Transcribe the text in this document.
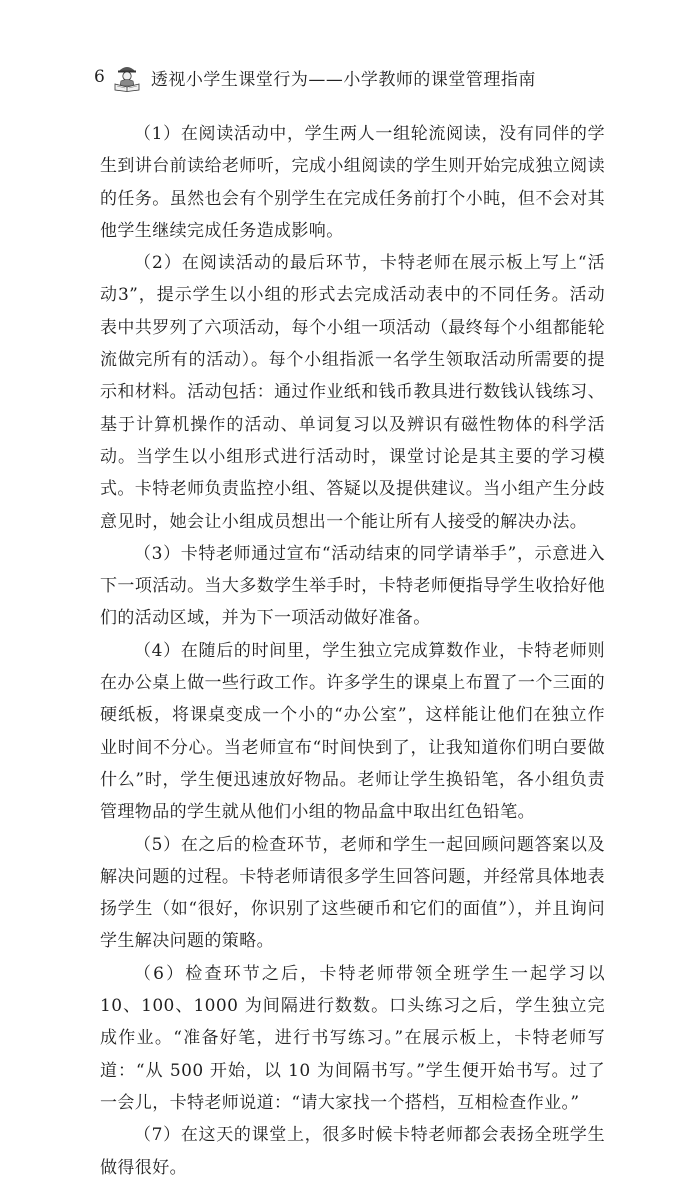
6	透视小学生课堂行为——小学教师的课堂管理指南

（1）在阅读活动中，学生两人一组轮流阅读，没有同伴的学生到讲台前读给老师听，完成小组阅读的学生则开始完成独立阅读的任务。虽然也会有个别学生在完成任务前打个小盹，但不会对其他学生继续完成任务造成影响。

（2）在阅读活动的最后环节，卡特老师在展示板上写上“活动3”，提示学生以小组的形式去完成活动表中的不同任务。活动表中共罗列了六项活动，每个小组一项活动（最终每个小组都能轮流做完所有的活动）。每个小组指派一名学生领取活动所需要的提示和材料。活动包括：通过作业纸和钱币教具进行数钱认钱练习、基于计算机操作的活动、单词复习以及辨识有磁性物体的科学活动。当学生以小组形式进行活动时，课堂讨论是其主要的学习模式。卡特老师负责监控小组、答疑以及提供建议。当小组产生分歧意见时，她会让小组成员想出一个能让所有人接受的解决办法。

（3）卡特老师通过宣布“活动结束的同学请举手”，示意进入下一项活动。当大多数学生举手时，卡特老师便指导学生收拾好他们的活动区域，并为下一项活动做好准备。

（4）在随后的时间里，学生独立完成算数作业，卡特老师则在办公桌上做一些行政工作。许多学生的课桌上布置了一个三面的硬纸板，将课桌变成一个小的“办公室”，这样能让他们在独立作业时间不分心。当老师宣布“时间快到了，让我知道你们明白要做什么”时，学生便迅速放好物品。老师让学生换铅笔，各小组负责管理物品的学生就从他们小组的物品盒中取出红色铅笔。

（5）在之后的检查环节，老师和学生一起回顾问题答案以及解决问题的过程。卡特老师请很多学生回答问题，并经常具体地表扬学生（如“很好，你识别了这些硬币和它们的面值”），并且询问学生解决问题的策略。

（6）检查环节之后，卡特老师带领全班学生一起学习以 10、100、1000 为间隔进行数数。口头练习之后，学生独立完成作业。“准备好笔，进行书写练习。”在展示板上，卡特老师写道：“从 500 开始，以 10 为间隔书写。”学生便开始书写。过了一会儿，卡特老师说道：“请大家找一个搭档，互相检查作业。”

（7）在这天的课堂上，很多时候卡特老师都会表扬全班学生做得很好。
